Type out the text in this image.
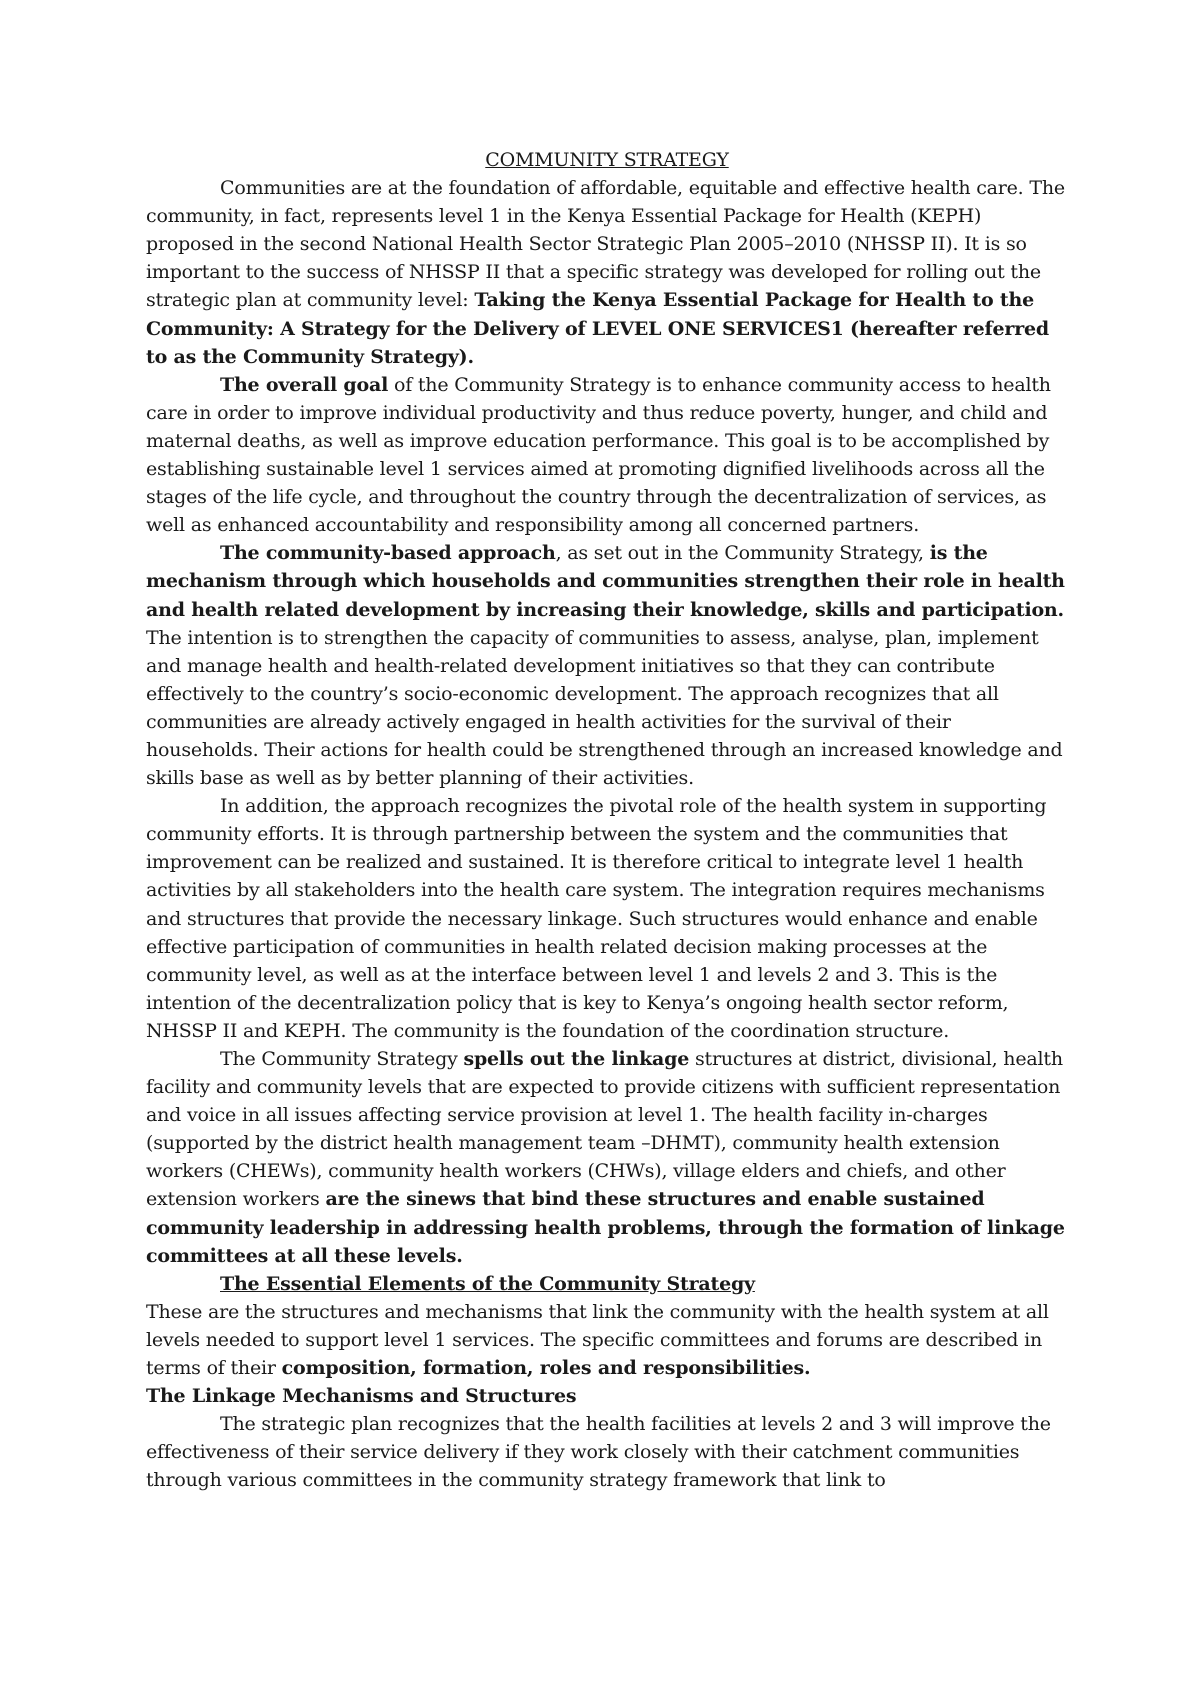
COMMUNITY STRATEGY

Communities are at the foundation of affordable, equitable and effective health care. The community, in fact, represents level 1 in the Kenya Essential Package for Health (KEPH) proposed in the second National Health Sector Strategic Plan 2005–2010 (NHSSP II). It is so important to the success of NHSSP II that a specific strategy was developed for rolling out the strategic plan at community level: Taking the Kenya Essential Package for Health to the Community: A Strategy for the Delivery of LEVEL ONE SERVICES1 (hereafter referred to as the Community Strategy).

The overall goal of the Community Strategy is to enhance community access to health care in order to improve individual productivity and thus reduce poverty, hunger, and child and maternal deaths, as well as improve education performance. This goal is to be accomplished by establishing sustainable level 1 services aimed at promoting dignified livelihoods across all the stages of the life cycle, and throughout the country through the decentralization of services, as well as enhanced accountability and responsibility among all concerned partners.

The community-based approach, as set out in the Community Strategy, is the mechanism through which households and communities strengthen their role in health and health related development by increasing their knowledge, skills and participation. The intention is to strengthen the capacity of communities to assess, analyse, plan, implement and manage health and health-related development initiatives so that they can contribute effectively to the country’s socio-economic development. The approach recognizes that all communities are already actively engaged in health activities for the survival of their households. Their actions for health could be strengthened through an increased knowledge and skills base as well as by better planning of their activities.

In addition, the approach recognizes the pivotal role of the health system in supporting community efforts. It is through partnership between the system and the communities that improvement can be realized and sustained. It is therefore critical to integrate level 1 health activities by all stakeholders into the health care system. The integration requires mechanisms and structures that provide the necessary linkage. Such structures would enhance and enable effective participation of communities in health related decision making processes at the community level, as well as at the interface between level 1 and levels 2 and 3. This is the intention of the decentralization policy that is key to Kenya’s ongoing health sector reform, NHSSP II and KEPH. The community is the foundation of the coordination structure.

The Community Strategy spells out the linkage structures at district, divisional, health facility and community levels that are expected to provide citizens with sufficient representation and voice in all issues affecting service provision at level 1. The health facility in-charges (supported by the district health management team –DHMT), community health extension workers (CHEWs), community health workers (CHWs), village elders and chiefs, and other extension workers are the sinews that bind these structures and enable sustained community leadership in addressing health problems, through the formation of linkage committees at all these levels.

The Essential Elements of the Community Strategy

These are the structures and mechanisms that link the community with the health system at all levels needed to support level 1 services. The specific committees and forums are described in terms of their composition, formation, roles and responsibilities.

The Linkage Mechanisms and Structures

The strategic plan recognizes that the health facilities at levels 2 and 3 will improve the effectiveness of their service delivery if they work closely with their catchment communities through various committees in the community strategy framework that link to
